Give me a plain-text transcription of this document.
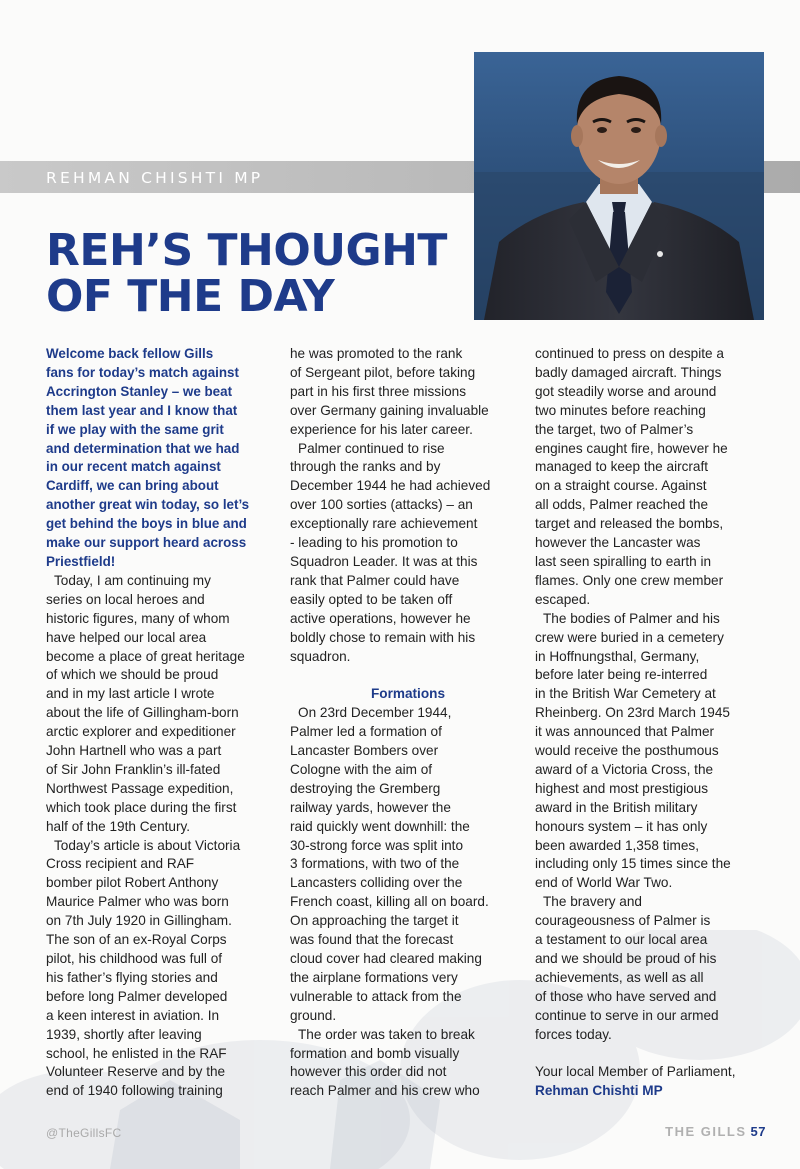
REHMAN CHISHTI MP
REH’S THOUGHT
OF THE DAY

Welcome back fellow Gills
fans for today’s match against
Accrington Stanley – we beat
them last year and I know that
if we play with the same grit
and determination that we had
in our recent match against
Cardiff, we can bring about
another great win today, so let’s
get behind the boys in blue and
make our support heard across
Priestfield!

Today, I am continuing my
series on local heroes and
historic figures, many of whom
have helped our local area
become a place of great heritage
of which we should be proud
and in my last article I wrote
about the life of Gillingham-born
arctic explorer and expeditioner
John Hartnell who was a part
of Sir John Franklin’s ill-fated
Northwest Passage expedition,
which took place during the first
half of the 19th Century.

Today’s article is about Victoria
Cross recipient and RAF
bomber pilot Robert Anthony
Maurice Palmer who was born
on 7th July 1920 in Gillingham.
The son of an ex-Royal Corps
pilot, his childhood was full of
his father’s flying stories and
before long Palmer developed
a keen interest in aviation. In
1939, shortly after leaving
school, he enlisted in the RAF
Volunteer Reserve and by the
end of 1940 following training

he was promoted to the rank
of Sergeant pilot, before taking
part in his first three missions
over Germany gaining invaluable
experience for his later career.

Palmer continued to rise
through the ranks and by
December 1944 he had achieved
over 100 sorties (attacks) – an
exceptionally rare achievement
- leading to his promotion to
Squadron Leader. It was at this
rank that Palmer could have
easily opted to be taken off
active operations, however he
boldly chose to remain with his
squadron.

Formations

On 23rd December 1944,
Palmer led a formation of
Lancaster Bombers over
Cologne with the aim of
destroying the Gremberg
railway yards, however the
raid quickly went downhill: the
30-strong force was split into
3 formations, with two of the
Lancasters colliding over the
French coast, killing all on board.
On approaching the target it
was found that the forecast
cloud cover had cleared making
the airplane formations very
vulnerable to attack from the
ground.

The order was taken to break
formation and bomb visually
however this order did not
reach Palmer and his crew who

continued to press on despite a
badly damaged aircraft. Things
got steadily worse and around
two minutes before reaching
the target, two of Palmer’s
engines caught fire, however he
managed to keep the aircraft
on a straight course. Against
all odds, Palmer reached the
target and released the bombs,
however the Lancaster was
last seen spiralling to earth in
flames. Only one crew member
escaped.

The bodies of Palmer and his
crew were buried in a cemetery
in Hoffnungsthal, Germany,
before later being re-interred
in the British War Cemetery at
Rheinberg. On 23rd March 1945
it was announced that Palmer
would receive the posthumous
award of a Victoria Cross, the
highest and most prestigious
award in the British military
honours system – it has only
been awarded 1,358 times,
including only 15 times since the
end of World War Two.

The bravery and
courageousness of Palmer is
a testament to our local area
and we should be proud of his
achievements, as well as all
of those who have served and
continue to serve in our armed
forces today.

Your local Member of Parliament,
Rehman Chishti MP

@TheGillsFC	THE GILLS 57
